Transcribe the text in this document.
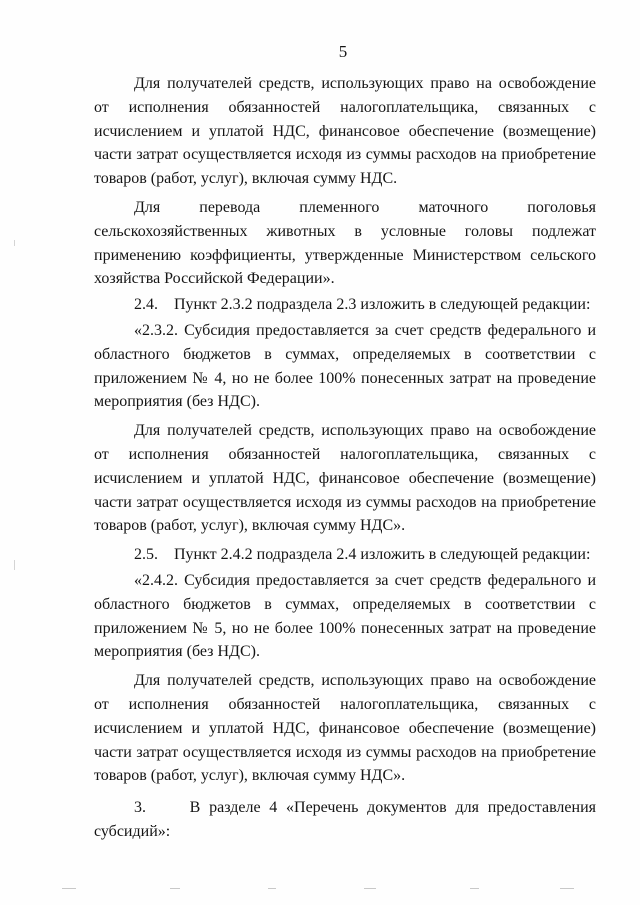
5

Для получателей средств, использующих право на освобождение от исполнения обязанностей налогоплательщика, связанных с исчислением и уплатой НДС, финансовое обеспечение (возмещение) части затрат осуществляется исходя из суммы расходов на приобретение товаров (работ, услуг), включая сумму НДС.

Для перевода племенного маточного поголовья сельскохозяйственных животных в условные головы подлежат применению коэффициенты, утвержденные Министерством сельского хозяйства Российской Федерации».

2.4.    Пункт 2.3.2 подраздела 2.3 изложить в следующей редакции:

«2.3.2. Субсидия предоставляется за счет средств федерального и областного бюджетов в суммах, определяемых в соответствии с приложением № 4, но не более 100% понесенных затрат на проведение мероприятия (без НДС).

Для получателей средств, использующих право на освобождение от исполнения обязанностей налогоплательщика, связанных с исчислением и уплатой НДС, финансовое обеспечение (возмещение) части затрат осуществляется исходя из суммы расходов на приобретение товаров (работ, услуг), включая сумму НДС».

2.5.    Пункт 2.4.2 подраздела 2.4 изложить в следующей редакции:

«2.4.2. Субсидия предоставляется за счет средств федерального и областного бюджетов в суммах, определяемых в соответствии с приложением № 5, но не более 100% понесенных затрат на проведение мероприятия (без НДС).

Для получателей средств, использующих право на освобождение от исполнения обязанностей налогоплательщика, связанных с исчислением и уплатой НДС, финансовое обеспечение (возмещение) части затрат осуществляется исходя из суммы расходов на приобретение товаров (работ, услуг), включая сумму НДС».

3.     В разделе 4 «Перечень документов для предоставления субсидий»:
